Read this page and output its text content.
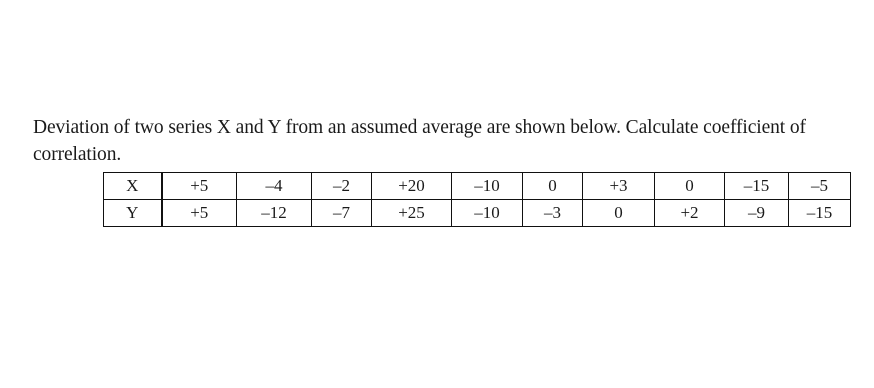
Deviation of two series X and Y from an assumed average are shown below. Calculate coefficient of correlation.

X	+5	–4	–2	+20	–10	0	+3	0	–15	–5
Y	+5	–12	–7	+25	–10	–3	0	+2	–9	–15
